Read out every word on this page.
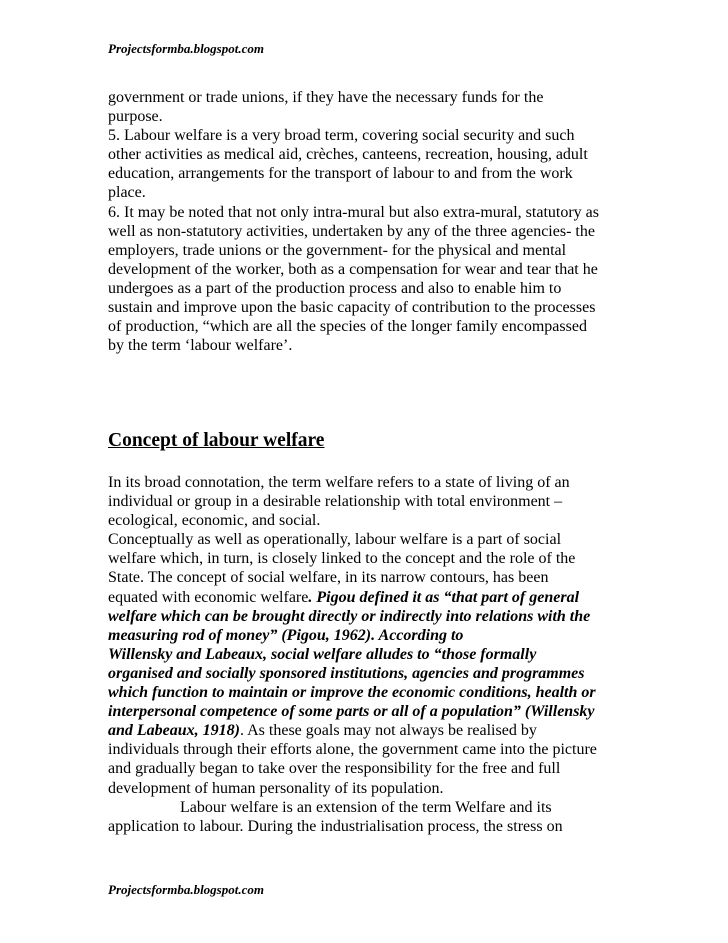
Projectsformba.blogspot.com
government or trade unions, if they have the necessary funds for the
purpose.
5. Labour welfare is a very broad term, covering social security and such
other activities as medical aid, crèches, canteens, recreation, housing, adult
education, arrangements for the transport of labour to and from the work
place.
6. It may be noted that not only intra-mural but also extra-mural, statutory as
well as non-statutory activities, undertaken by any of the three agencies- the
employers, trade unions or the government- for the physical and mental
development of the worker, both as a compensation for wear and tear that he
undergoes as a part of the production process and also to enable him to
sustain and improve upon the basic capacity of contribution to the processes
of production, “which are all the species of the longer family encompassed
by the term ‘labour welfare’.
Concept of labour welfare
In its broad connotation, the term welfare refers to a state of living of an
individual or group in a desirable relationship with total environment –
ecological, economic, and social.
Conceptually as well as operationally, labour welfare is a part of social
welfare which, in turn, is closely linked to the concept and the role of the
State. The concept of social welfare, in its narrow contours, has been
equated with economic welfare. Pigou defined it as “that part of general
welfare which can be brought directly or indirectly into relations with the
measuring rod of money” (Pigou, 1962). According to
Willensky and Labeaux, social welfare alludes to “those formally
organised and socially sponsored institutions, agencies and programmes
which function to maintain or improve the economic conditions, health or
interpersonal competence of some parts or all of a population” (Willensky
and Labeaux, 1918). As these goals may not always be realised by
individuals through their efforts alone, the government came into the picture
and gradually began to take over the responsibility for the free and full
development of human personality of its population.
Labour welfare is an extension of the term Welfare and its
application to labour. During the industrialisation process, the stress on
Projectsformba.blogspot.com
